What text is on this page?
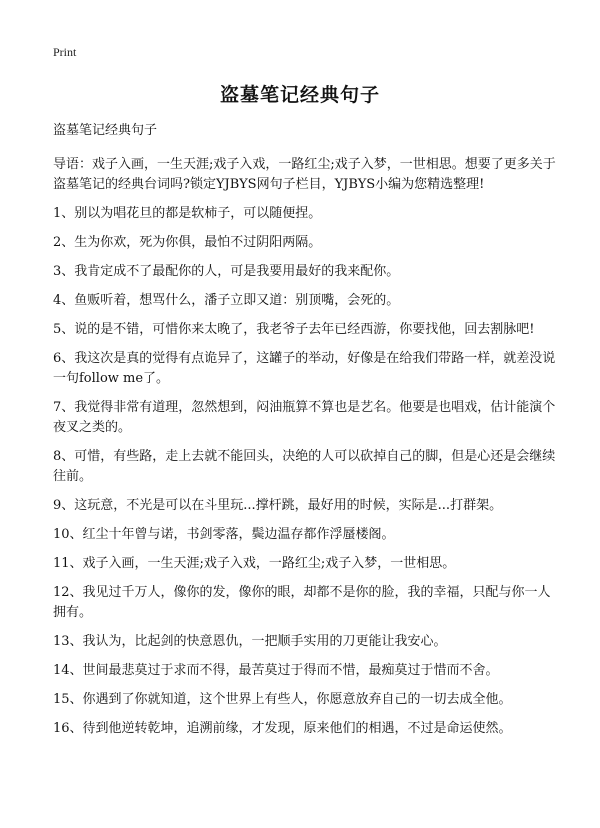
Print
盗墓笔记经典句子

盗墓笔记经典句子

导语：戏子入画，一生天涯;戏子入戏，一路红尘;戏子入梦，一世相思。想要了更多关于盗墓笔记的经典台词吗?锁定YJBYS网句子栏目，YJBYS小编为您精选整理!

1、别以为唱花旦的都是软柿子，可以随便捏。

2、生为你欢，死为你俱，最怕不过阴阳两隔。

3、我肯定成不了最配你的人，可是我要用最好的我来配你。

4、鱼贩听着，想骂什么，潘子立即又道：别顶嘴，会死的。

5、说的是不错，可惜你来太晚了，我老爷子去年已经西游，你要找他，回去割脉吧!

6、我这次是真的觉得有点诡异了，这罐子的举动，好像是在给我们带路一样，就差没说一句follow me了。

7、我觉得非常有道理，忽然想到，闷油瓶算不算也是艺名。他要是也唱戏，估计能演个夜叉之类的。

8、可惜，有些路，走上去就不能回头，决绝的人可以砍掉自己的脚，但是心还是会继续往前。

9、这玩意，不光是可以在斗里玩...撑杆跳，最好用的时候，实际是...打群架。

10、红尘十年曾与诺，书剑零落，鬓边温存都作浮蜃楼阁。

11、戏子入画，一生天涯;戏子入戏，一路红尘;戏子入梦，一世相思。

12、我见过千万人，像你的发，像你的眼，却都不是你的脸，我的幸福，只配与你一人拥有。

13、我认为，比起剑的快意恩仇，一把顺手实用的刀更能让我安心。

14、世间最悲莫过于求而不得，最苦莫过于得而不惜，最痴莫过于惜而不舍。

15、你遇到了你就知道，这个世界上有些人，你愿意放弃自己的一切去成全他。

16、待到他逆转乾坤，追溯前缘，才发现，原来他们的相遇，不过是命运使然。
